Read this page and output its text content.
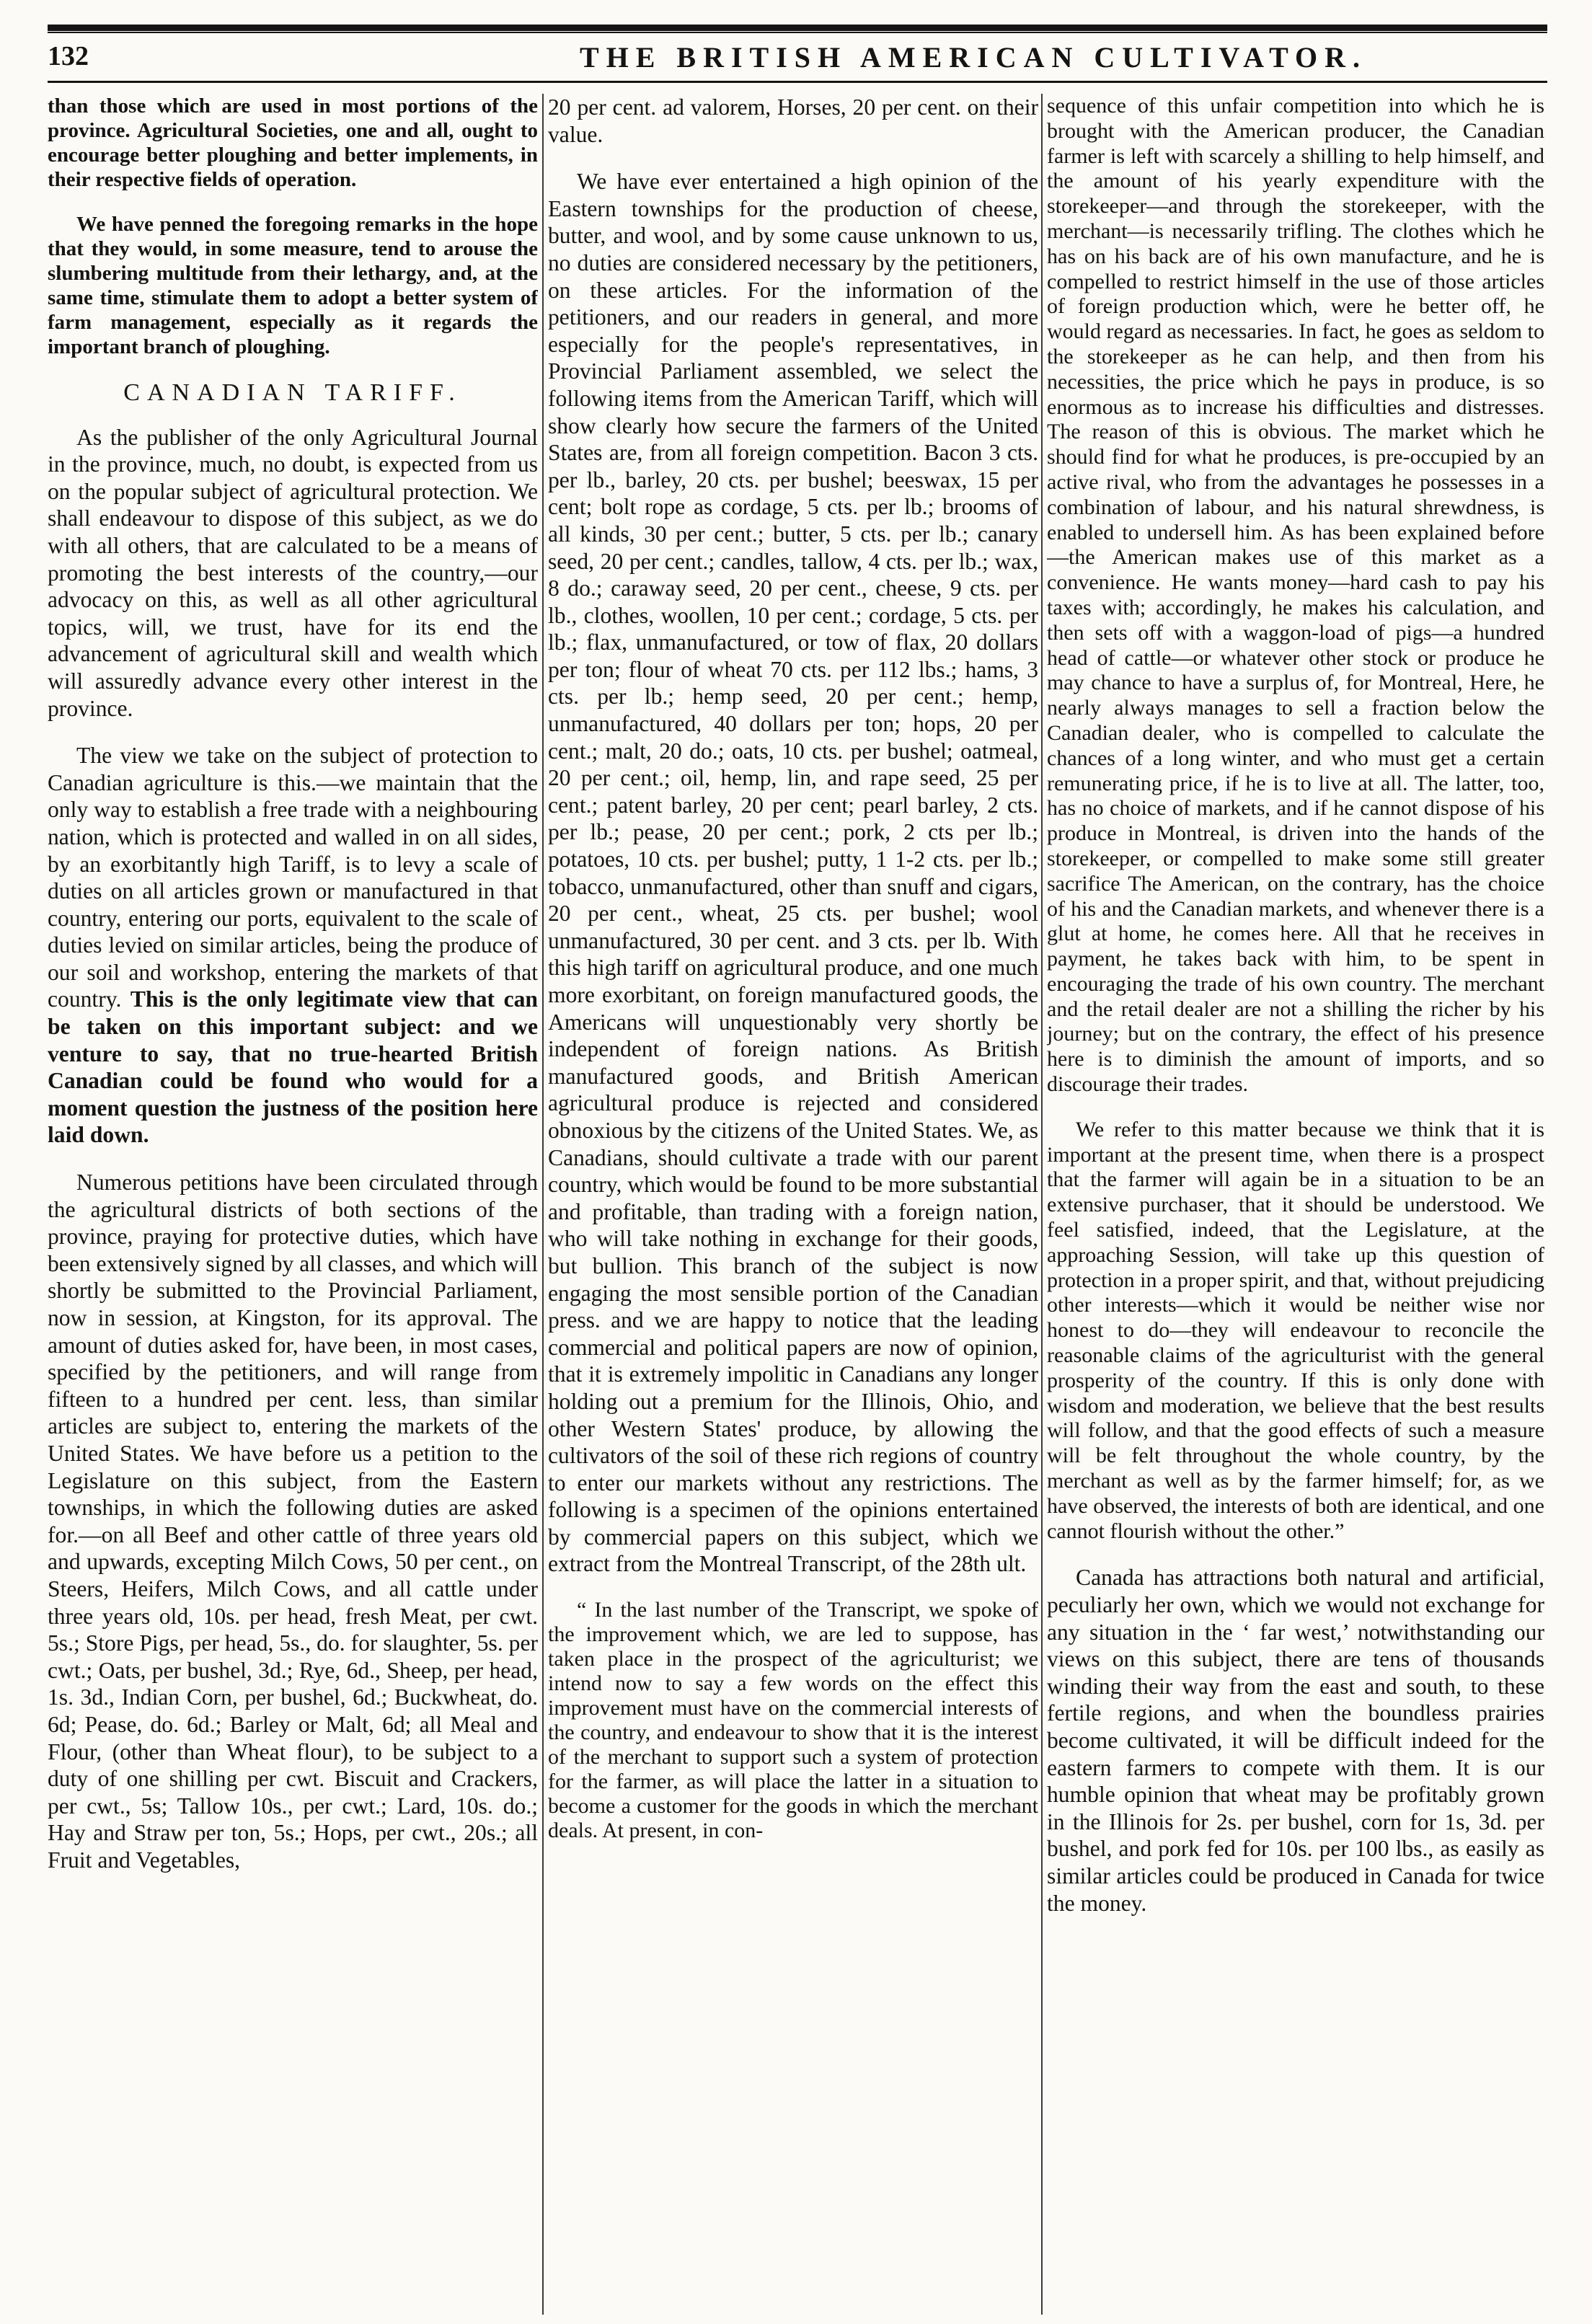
132	THE BRITISH AMERICAN CULTIVATOR.

than those which are used in most portions of the province. Agricultural Societies, one and all, ought to encourage better ploughing and better implements, in their respective fields of operation.

We have penned the foregoing remarks in the hope that they would, in some measure, tend to arouse the slumbering multitude from their lethargy, and, at the same time, stimulate them to adopt a better system of farm management, especially as it regards the important branch of ploughing.

CANADIAN TARIFF.

As the publisher of the only Agricultural Journal in the province, much, no doubt, is expected from us on the popular subject of agricultural protection. We shall endeavour to dispose of this subject, as we do with all others, that are calculated to be a means of promoting the best interests of the country,—our advocacy on this, as well as all other agricultural topics, will, we trust, have for its end the advancement of agricultural skill and wealth which will assuredly advance every other interest in the province.

The view we take on the subject of protection to Canadian agriculture is this.—we maintain that the only way to establish a free trade with a neighbouring nation, which is protected and walled in on all sides, by an exorbitantly high Tariff, is to levy a scale of duties on all articles grown or manufactured in that country, entering our ports, equivalent to the scale of duties levied on similar articles, being the produce of our soil and workshop, entering the markets of that country. This is the only legitimate view that can be taken on this important subject: and we venture to say, that no true-hearted British Canadian could be found who would for a moment question the justness of the position here laid down.

Numerous petitions have been circulated through the agricultural districts of both sections of the province, praying for protective duties, which have been extensively signed by all classes, and which will shortly be submitted to the Provincial Parliament, now in session, at Kingston, for its approval. The amount of duties asked for, have been, in most cases, specified by the petitioners, and will range from fifteen to a hundred per cent. less, than similar articles are subject to, entering the markets of the United States. We have before us a petition to the Legislature on this subject, from the Eastern townships, in which the following duties are asked for.—on all Beef and other cattle of three years old and upwards, excepting Milch Cows, 50 per cent., on Steers, Heifers, Milch Cows, and all cattle under three years old, 10s. per head, fresh Meat, per cwt. 5s.; Store Pigs, per head, 5s., do. for slaughter, 5s. per cwt.; Oats, per bushel, 3d.; Rye, 6d., Sheep, per head, 1s. 3d., Indian Corn, per bushel, 6d.; Buckwheat, do. 6d; Pease, do. 6d.; Barley or Malt, 6d; all Meal and Flour, (other than Wheat flour), to be subject to a duty of one shilling per cwt. Biscuit and Crackers, per cwt., 5s; Tallow 10s., per cwt.; Lard, 10s. do.; Hay and Straw per ton, 5s.; Hops, per cwt., 20s.; all Fruit and Vegetables,

20 per cent. ad valorem, Horses, 20 per cent. on their value.

We have ever entertained a high opinion of the Eastern townships for the production of cheese, butter, and wool, and by some cause unknown to us, no duties are considered necessary by the petitioners, on these articles. For the information of the petitioners, and our readers in general, and more especially for the people's representatives, in Provincial Parliament assembled, we select the following items from the American Tariff, which will show clearly how secure the farmers of the United States are, from all foreign competition. Bacon 3 cts. per lb., barley, 20 cts. per bushel; beeswax, 15 per cent; bolt rope as cordage, 5 cts. per lb.; brooms of all kinds, 30 per cent.; butter, 5 cts. per lb.; canary seed, 20 per cent.; candles, tallow, 4 cts. per lb.; wax, 8 do.; caraway seed, 20 per cent., cheese, 9 cts. per lb., clothes, woollen, 10 per cent.; cordage, 5 cts. per lb.; flax, unmanufactured, or tow of flax, 20 dollars per ton; flour of wheat 70 cts. per 112 lbs.; hams, 3 cts. per lb.; hemp seed, 20 per cent.; hemp, unmanufactured, 40 dollars per ton; hops, 20 per cent.; malt, 20 do.; oats, 10 cts. per bushel; oatmeal, 20 per cent.; oil, hemp, lin, and rape seed, 25 per cent.; patent barley, 20 per cent; pearl barley, 2 cts. per lb.; pease, 20 per cent.; pork, 2 cts per lb.; potatoes, 10 cts. per bushel; putty, 1 1-2 cts. per lb.; tobacco, unmanufactured, other than snuff and cigars, 20 per cent., wheat, 25 cts. per bushel; wool unmanufactured, 30 per cent. and 3 cts. per lb. With this high tariff on agricultural produce, and one much more exorbitant, on foreign manufactured goods, the Americans will unquestionably very shortly be independent of foreign nations. As British manufactured goods, and British American agricultural produce is rejected and considered obnoxious by the citizens of the United States. We, as Canadians, should cultivate a trade with our parent country, which would be found to be more substantial and profitable, than trading with a foreign nation, who will take nothing in exchange for their goods, but bullion. This branch of the subject is now engaging the most sensible portion of the Canadian press. and we are happy to notice that the leading commercial and political papers are now of opinion, that it is extremely impolitic in Canadians any longer holding out a premium for the Illinois, Ohio, and other Western States' produce, by allowing the cultivators of the soil of these rich regions of country to enter our markets without any restrictions. The following is a specimen of the opinions entertained by commercial papers on this subject, which we extract from the Montreal Transcript, of the 28th ult.

“ In the last number of the Transcript, we spoke of the improvement which, we are led to suppose, has taken place in the prospect of the agriculturist; we intend now to say a few words on the effect this improvement must have on the commercial interests of the country, and endeavour to show that it is the interest of the merchant to support such a system of protection for the farmer, as will place the latter in a situation to become a customer for the goods in which the merchant deals. At present, in con-

sequence of this unfair competition into which he is brought with the American producer, the Canadian farmer is left with scarcely a shilling to help himself, and the amount of his yearly expenditure with the storekeeper—and through the storekeeper, with the merchant—is necessarily trifling. The clothes which he has on his back are of his own manufacture, and he is compelled to restrict himself in the use of those articles of foreign production which, were he better off, he would regard as necessaries. In fact, he goes as seldom to the storekeeper as he can help, and then from his necessities, the price which he pays in produce, is so enormous as to increase his difficulties and distresses. The reason of this is obvious. The market which he should find for what he produces, is pre-occupied by an active rival, who from the advantages he possesses in a combination of labour, and his natural shrewdness, is enabled to undersell him. As has been explained before—the American makes use of this market as a convenience. He wants money—hard cash to pay his taxes with; accordingly, he makes his calculation, and then sets off with a waggon-load of pigs—a hundred head of cattle—or whatever other stock or produce he may chance to have a surplus of, for Montreal, Here, he nearly always manages to sell a fraction below the Canadian dealer, who is compelled to calculate the chances of a long winter, and who must get a certain remunerating price, if he is to live at all. The latter, too, has no choice of markets, and if he cannot dispose of his produce in Montreal, is driven into the hands of the storekeeper, or compelled to make some still greater sacrifice The American, on the contrary, has the choice of his and the Canadian markets, and whenever there is a glut at home, he comes here. All that he receives in payment, he takes back with him, to be spent in encouraging the trade of his own country. The merchant and the retail dealer are not a shilling the richer by his journey; but on the contrary, the effect of his presence here is to diminish the amount of imports, and so discourage their trades.

We refer to this matter because we think that it is important at the present time, when there is a prospect that the farmer will again be in a situation to be an extensive purchaser, that it should be understood. We feel satisfied, indeed, that the Legislature, at the approaching Session, will take up this question of protection in a proper spirit, and that, without prejudicing other interests—which it would be neither wise nor honest to do—they will endeavour to reconcile the reasonable claims of the agriculturist with the general prosperity of the country. If this is only done with wisdom and moderation, we believe that the best results will follow, and that the good effects of such a measure will be felt throughout the whole country, by the merchant as well as by the farmer himself; for, as we have observed, the interests of both are identical, and one cannot flourish without the other.”

Canada has attractions both natural and artificial, peculiarly her own, which we would not exchange for any situation in the ‘ far west,’ notwithstanding our views on this subject, there are tens of thousands winding their way from the east and south, to these fertile regions, and when the boundless prairies become cultivated, it will be difficult indeed for the eastern farmers to compete with them. It is our humble opinion that wheat may be profitably grown in the Illinois for 2s. per bushel, corn for 1s, 3d. per bushel, and pork fed for 10s. per 100 lbs., as easily as similar articles could be produced in Canada for twice the money.
